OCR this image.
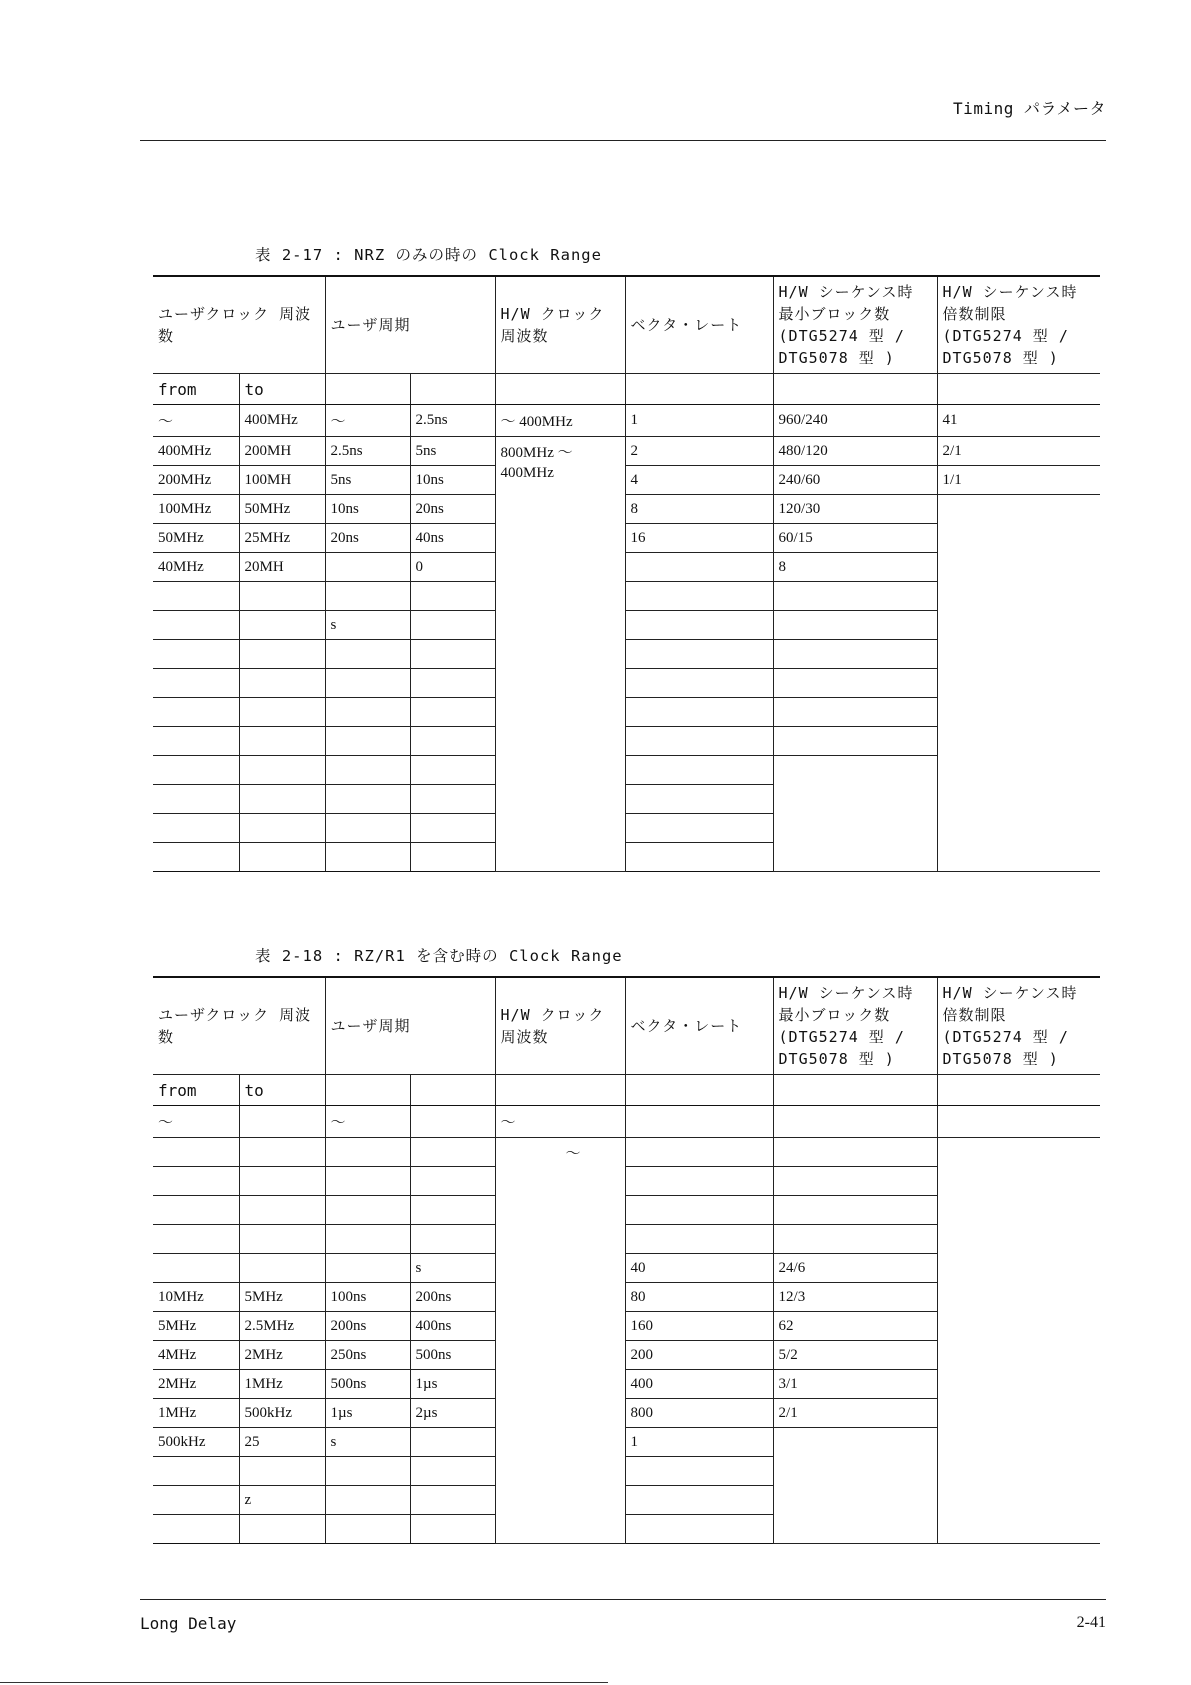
Timing パラメータ
表 2-17 : NRZ のみの時の Clock Range
ユーザクロック 周波数		ユーザ周期		H/W クロック 周波数	ベクタ・レート	H/W シーケンス時 最小ブロック数 (DTG5274 型 / DTG5078 型 )	H/W シーケンス時 倍数制限 (DTG5274 型 / DTG5078 型 )
from	to						
～	400MHz	～	2.5ns	～ 400MHz	1	960/240	41
400MHz	200MH	2.5ns	5ns	800MHz ～ 400MHz	2	480/120	2/1
200MHz	100MH	5ns	10ns		4	240/60	1/1
100MHz	50MHz	10ns	20ns		8	120/30	
50MHz	25MHz	20ns	40ns		16	60/15	
40MHz	20MH		0			8	

		s					

表 2-18 : RZ/R1 を含む時の Clock Range
ユーザクロック 周波数		ユーザ周期		H/W クロック 周波数	ベクタ・レート	H/W シーケンス時 最小ブロック数 (DTG5274 型 / DTG5078 型 )	H/W シーケンス時 倍数制限 (DTG5274 型 / DTG5078 型 )
from	to						
～		～		～			
				～			

			s		40	24/6	
10MHz	5MHz	100ns	200ns		80	12/3	
5MHz	2.5MHz	200ns	400ns		160	62	
4MHz	2MHz	250ns	500ns		200	5/2	
2MHz	1MHz	500ns	1µs		400	3/1	
1MHz	500kHz	1µs	2µs		800	2/1	
500kHz	25	s			1		

	z						

Long Delay	2-41
